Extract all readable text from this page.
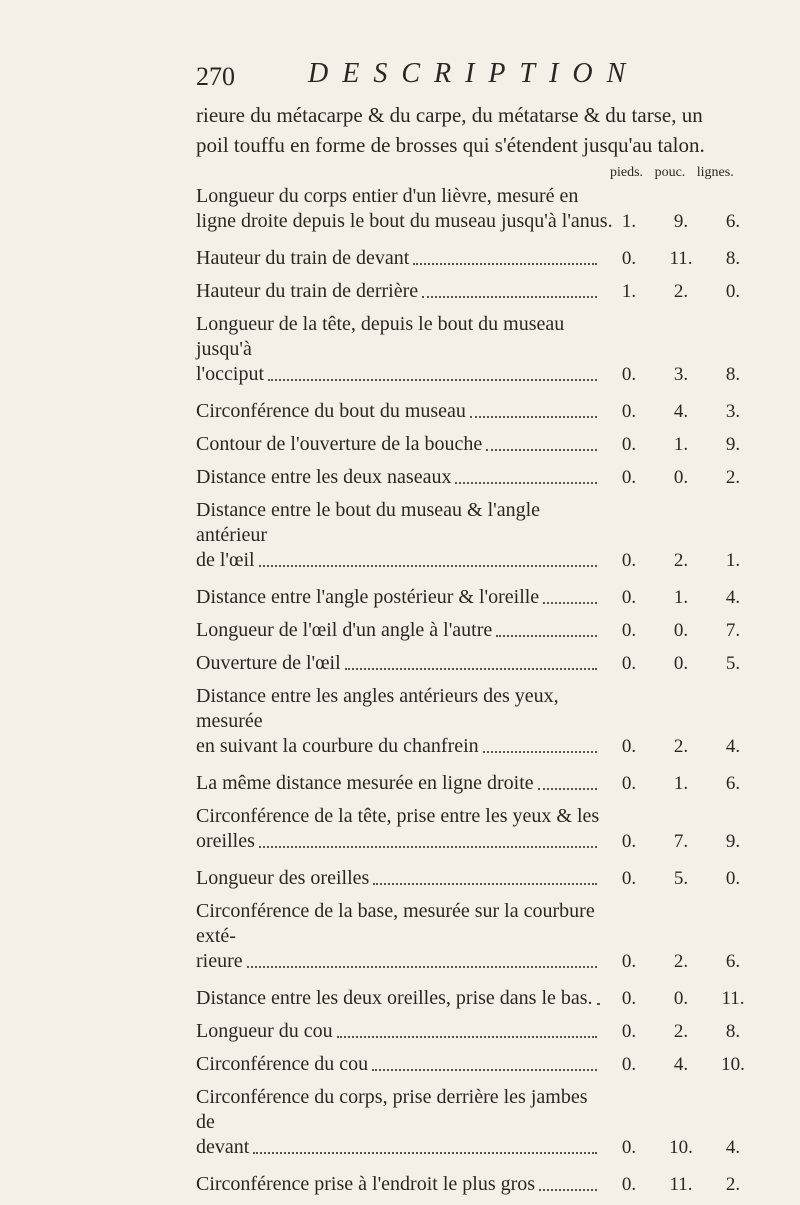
270	DESCRIPTION
rieure du métacarpe & du carpe, du métatarse & du tarse, un
poil touffu en forme de brosses qui s'étendent jusqu'au talon.
pieds. pouc. lignes.
Longueur du corps entier d'un lièvre, mesuré en
ligne droite depuis le bout du museau jusqu'à l'anus. 1.	9.	6.
Hauteur du train de devant	0.	11.	8.
Hauteur du train de derrière	1.	2.	0.
Longueur de la tête, depuis le bout du museau jusqu'à
l'occiput	0.	3.	8.
Circonférence du bout du museau	0.	4.	3.
Contour de l'ouverture de la bouche	0.	1.	9.
Distance entre les deux naseaux	0.	0.	2.
Distance entre le bout du museau & l'angle antérieur
de l'œil	0.	2.	1.
Distance entre l'angle postérieur & l'oreille	0.	1.	4.
Longueur de l'œil d'un angle à l'autre	0.	0.	7.
Ouverture de l'œil	0.	0.	5.
Distance entre les angles antérieurs des yeux, mesurée
en suivant la courbure du chanfrein	0.	2.	4.
La même distance mesurée en ligne droite	0.	1.	6.
Circonférence de la tête, prise entre les yeux & les
oreilles	0.	7.	9.
Longueur des oreilles	0.	5.	0.
Circonférence de la base, mesurée sur la courbure exté-
rieure	0.	2.	6.
Distance entre les deux oreilles, prise dans le bas.	0.	0.	11.
Longueur du cou	0.	2.	8.
Circonférence du cou	0.	4.	10.
Circonférence du corps, prise derrière les jambes de
devant	0.	10.	4.
Circonférence prise à l'endroit le plus gros	0.	11.	2.
